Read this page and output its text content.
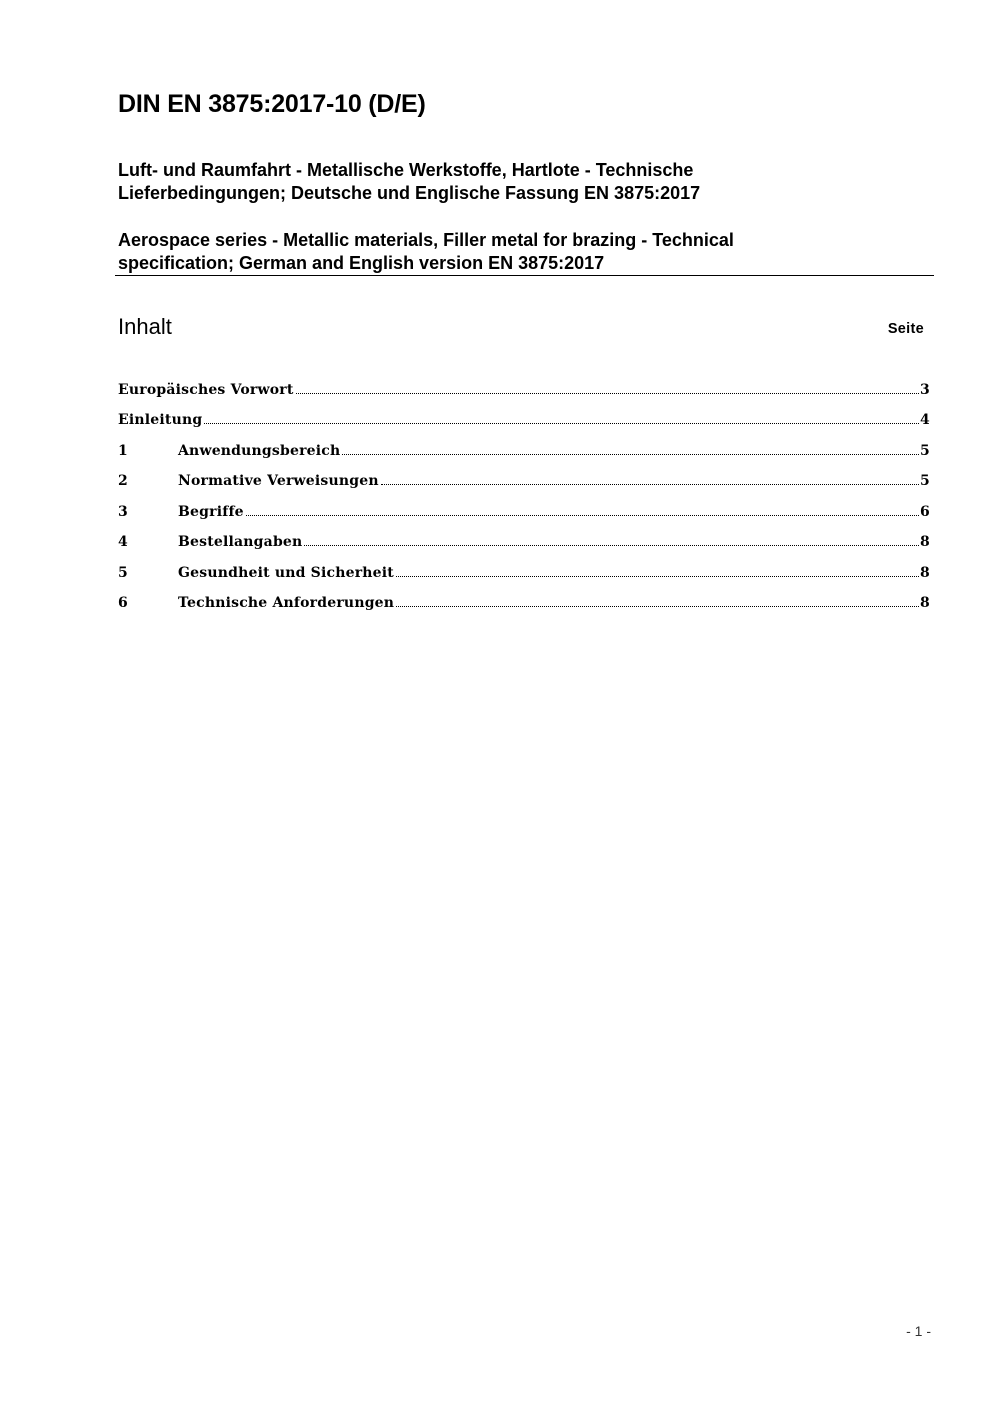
DIN EN 3875:2017-10 (D/E)
Luft- und Raumfahrt - Metallische Werkstoffe, Hartlote - Technische
Lieferbedingungen; Deutsche und Englische Fassung EN 3875:2017
Aerospace series - Metallic materials, Filler metal for brazing - Technical
specification; German and English version EN 3875:2017
Inhalt	Seite
Europäisches Vorwort	3
Einleitung	4
1	Anwendungsbereich	5
2	Normative Verweisungen	5
3	Begriffe	6
4	Bestellangaben	8
5	Gesundheit und Sicherheit	8
6	Technische Anforderungen	8
- 1 -
